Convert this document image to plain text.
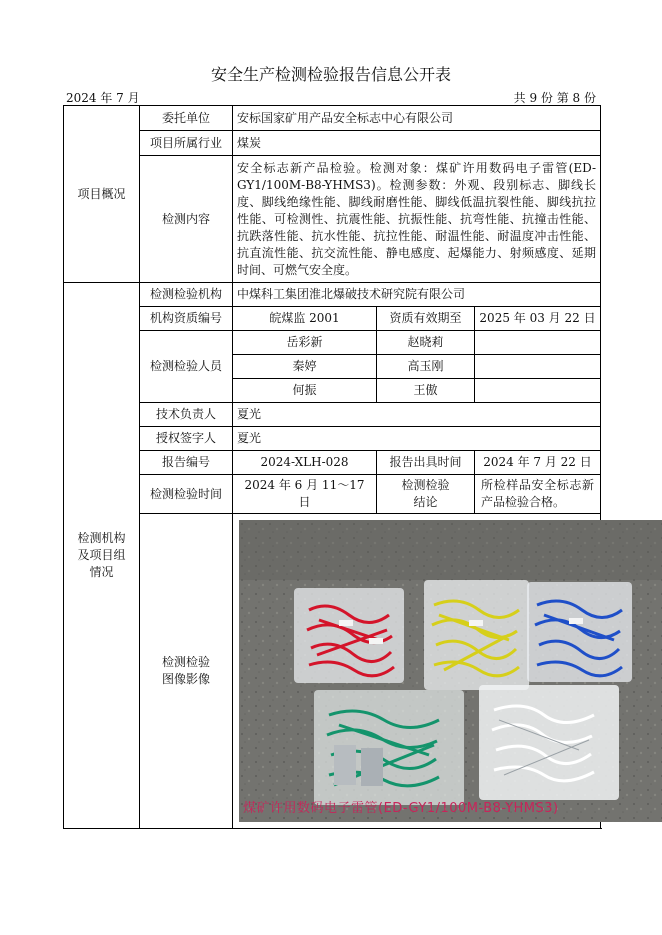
安全生产检测检验报告信息公开表
2024 年 7 月	共 9 份 第 8 份
项目概况	委托单位	安标国家矿用产品安全标志中心有限公司		
	项目所属行业	煤炭		
	检测内容	安全标志新产品检验。检测对象：煤矿许用数码电子雷管(ED-GY1/100M-B8-YHMS3)。检测参数：外观、段别标志、脚线长度、脚线绝缘性能、脚线耐磨性能、脚线低温抗裂性能、脚线抗拉性能、可检测性、抗震性能、抗振性能、抗弯性能、抗撞击性能、抗跌落性能、抗水性能、抗拉性能、耐温性能、耐温度冲击性能、抗直流性能、抗交流性能、静电感度、起爆能力、射频感度、延期时间、可燃气安全度。		

检测机构及项目组情况	检测检验机构	中煤科工集团淮北爆破技术研究院有限公司		
	机构资质编号	皖煤监 2001	资质有效期至	2025 年 03 月 22 日
	检测检验人员	岳彩新	赵晓莉	
		秦婷	高玉刚	
		何振	王傲	
	技术负责人	夏光		
	授权签字人	夏光		
	报告编号	2024-XLH-028	报告出具时间	2024 年 7 月 22 日
	检测检验时间	2024 年 6 月 11～17 日	检测检验结论	所检样品安全标志新产品检验合格。

	检测检验图像影像	煤矿许用数码电子雷管(ED-GY1/100M-B8-YHMS3)		
